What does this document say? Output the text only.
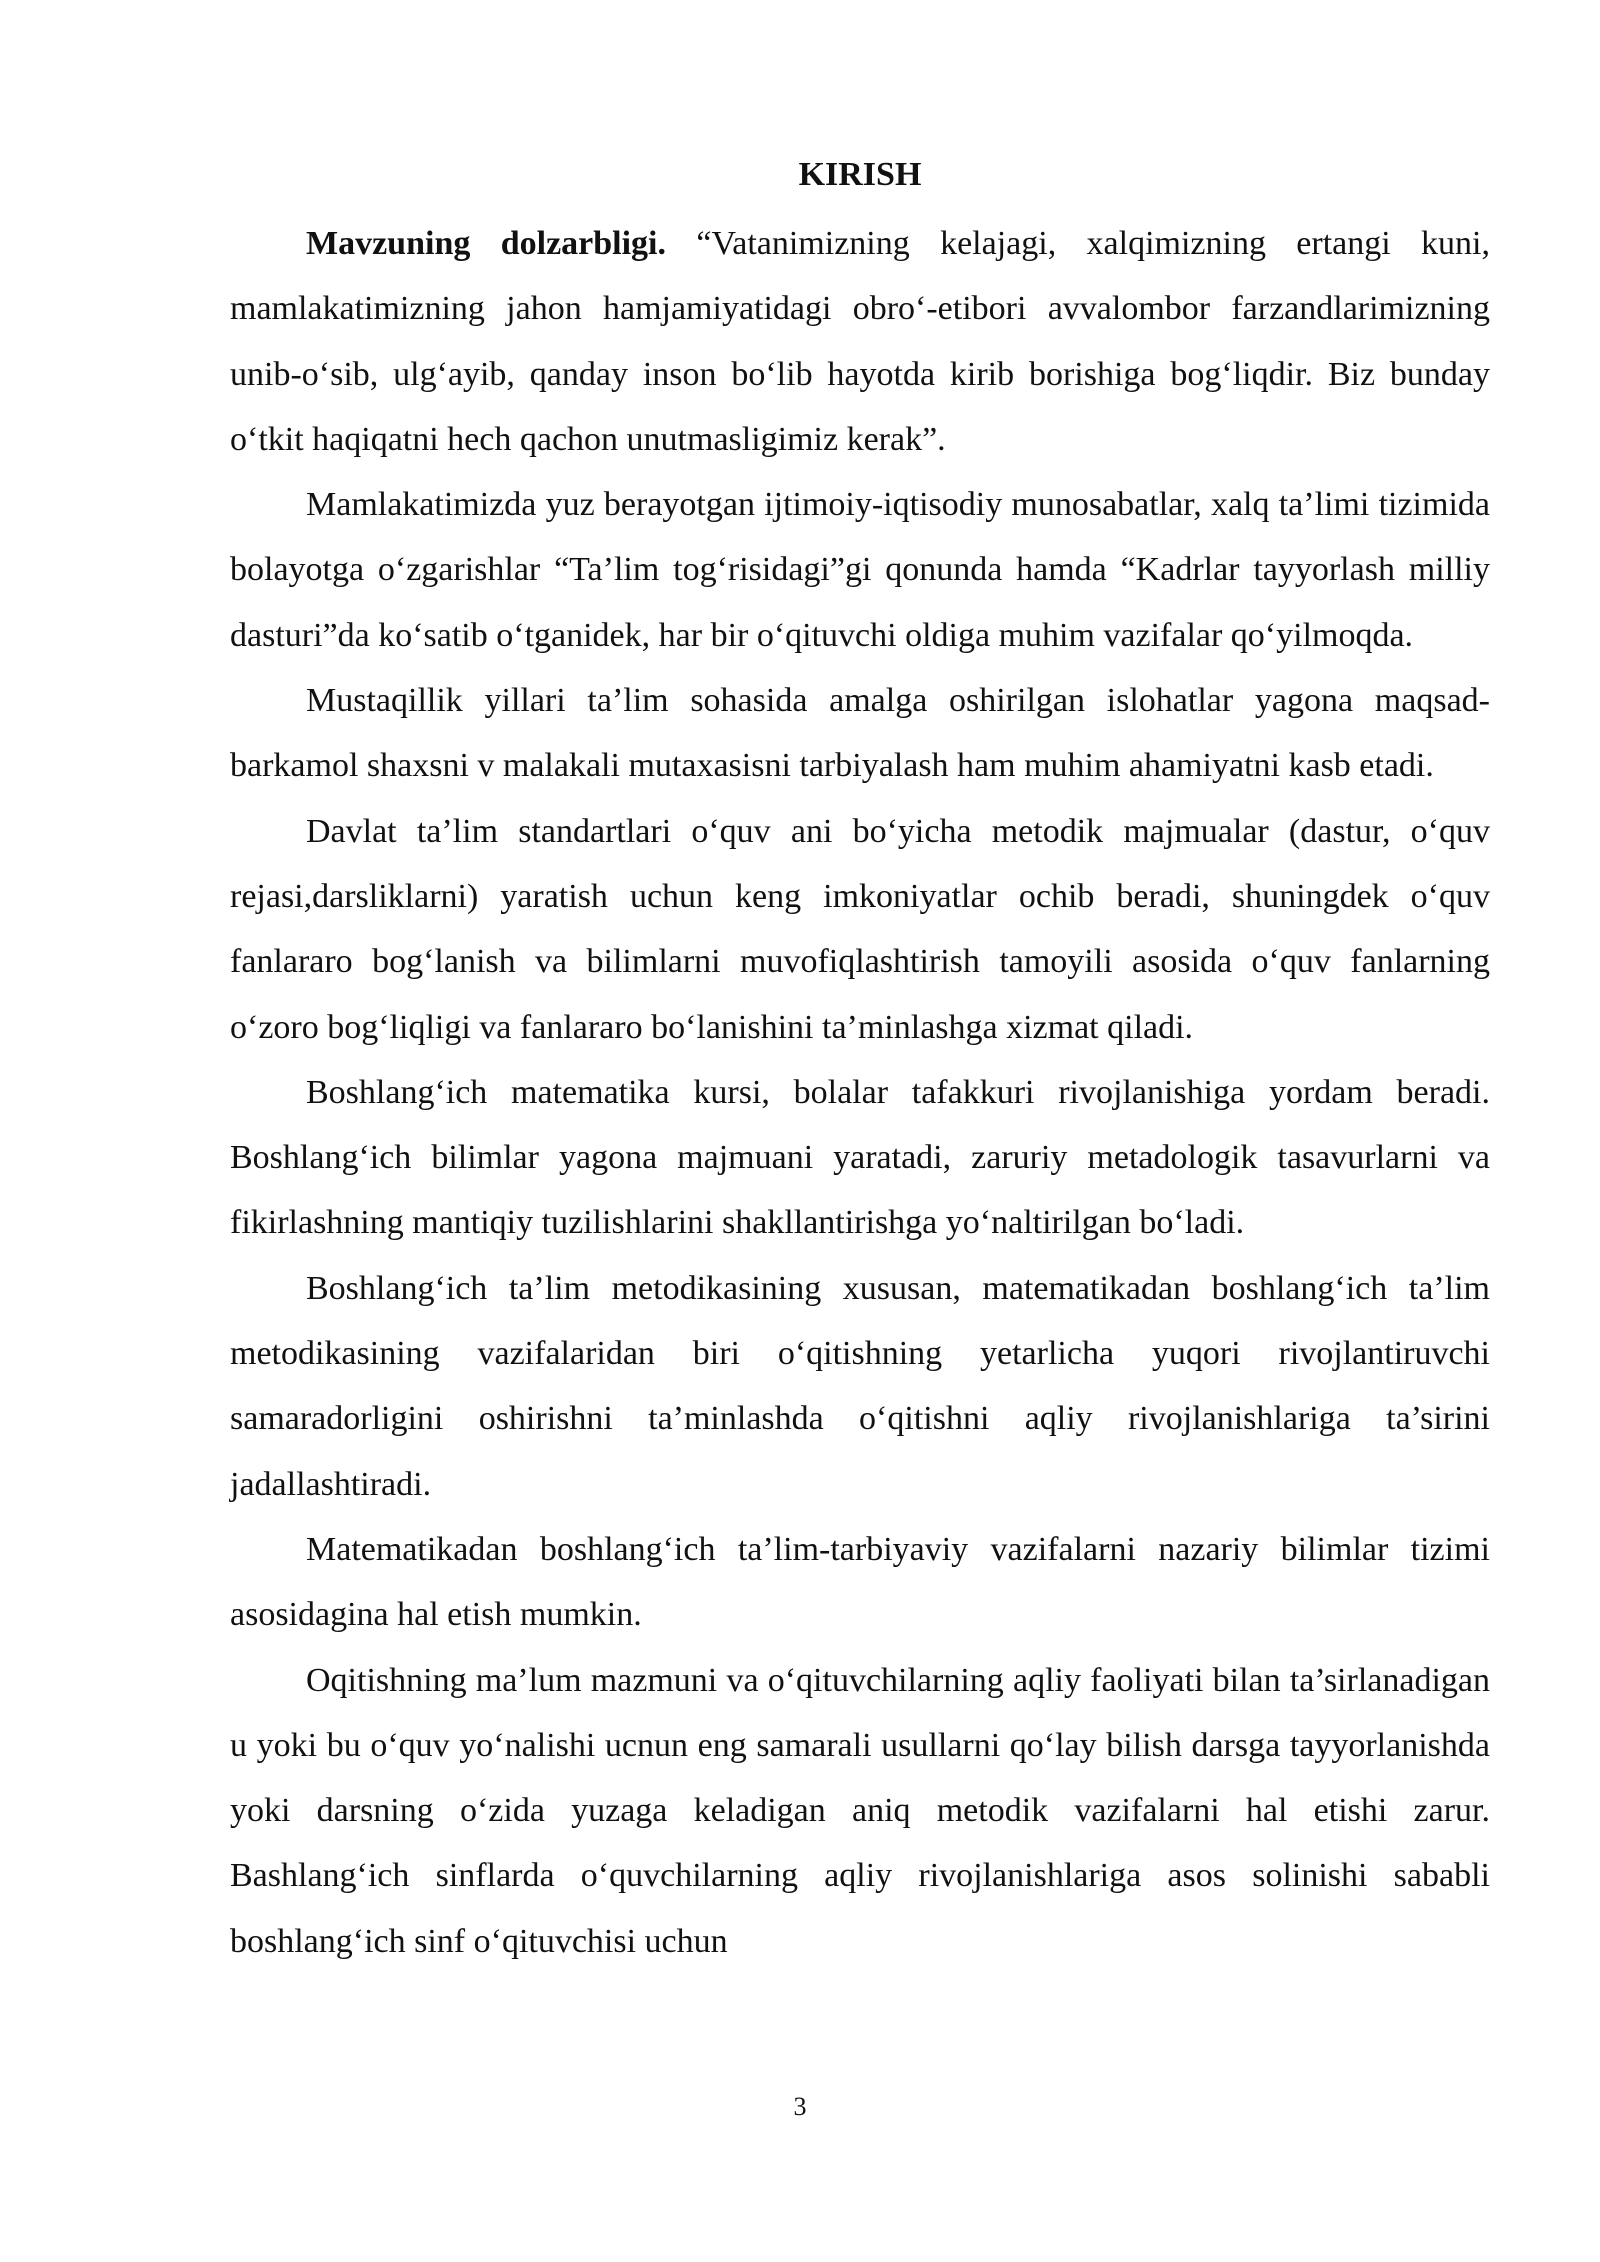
KIRISH

Mavzuning dolzarbligi. “Vatanimizning kelajagi, xalqimizning ertangi kuni, mamlakatimizning jahon hamjamiyatidagi obro‘-etibori avvalombor farzandlarimizning unib-o‘sib, ulg‘ayib, qanday inson bo‘lib hayotda kirib borishiga bog‘liqdir. Biz bunday o‘tkit haqiqatni hech qachon unutmasligimiz kerak”.

Mamlakatimizda yuz berayotgan ijtimoiy-iqtisodiy munosabatlar, xalq ta’limi tizimida bolayotga o‘zgarishlar “Ta’lim tog‘risidagi”gi qonunda hamda “Kadrlar tayyorlash milliy dasturi”da ko‘satib o‘tganidek, har bir o‘qituvchi oldiga muhim vazifalar qo‘yilmoqda.

Mustaqillik yillari ta’lim sohasida amalga oshirilgan islohatlar yagona maqsad-barkamol shaxsni v malakali mutaxasisni tarbiyalash ham muhim ahamiyatni kasb etadi.

Davlat ta’lim standartlari o‘quv ani bo‘yicha metodik majmualar (dastur, o‘quv rejasi,darsliklarni) yaratish uchun keng imkoniyatlar ochib beradi, shuningdek o‘quv fanlararo bog‘lanish va bilimlarni muvofiqlashtirish tamoyili asosida o‘quv fanlarning o‘zoro bog‘liqligi va fanlararo bo‘lanishini ta’minlashga xizmat qiladi.

Boshlang‘ich matematika kursi, bolalar tafakkuri rivojlanishiga yordam beradi. Boshlang‘ich bilimlar yagona majmuani yaratadi, zaruriy metadologik tasavurlarni va fikirlashning mantiqiy tuzilishlarini shakllantirishga yo‘naltirilgan bo‘ladi.

Boshlang‘ich ta’lim metodikasining xususan, matematikadan boshlang‘ich ta’lim metodikasining vazifalaridan biri o‘qitishning yetarlicha yuqori rivojlantiruvchi samaradorligini oshirishni ta’minlashda o‘qitishni aqliy rivojlanishlariga ta’sirini jadallashtiradi.

Matematikadan boshlang‘ich ta’lim-tarbiyaviy vazifalarni nazariy bilimlar tizimi asosidagina hal etish mumkin.

Oqitishning ma’lum mazmuni va o‘qituvchilarning aqliy faoliyati bilan ta’sirlanadigan u yoki bu o‘quv yo‘nalishi ucnun eng samarali usullarni qo‘lay bilish darsga tayyorlanishda yoki darsning o‘zida yuzaga keladigan aniq metodik vazifalarni hal etishi zarur. Bashlang‘ich sinflarda o‘quvchilarning aqliy rivojlanishlariga asos solinishi sababli boshlang‘ich sinf o‘qituvchisi uchun

3
